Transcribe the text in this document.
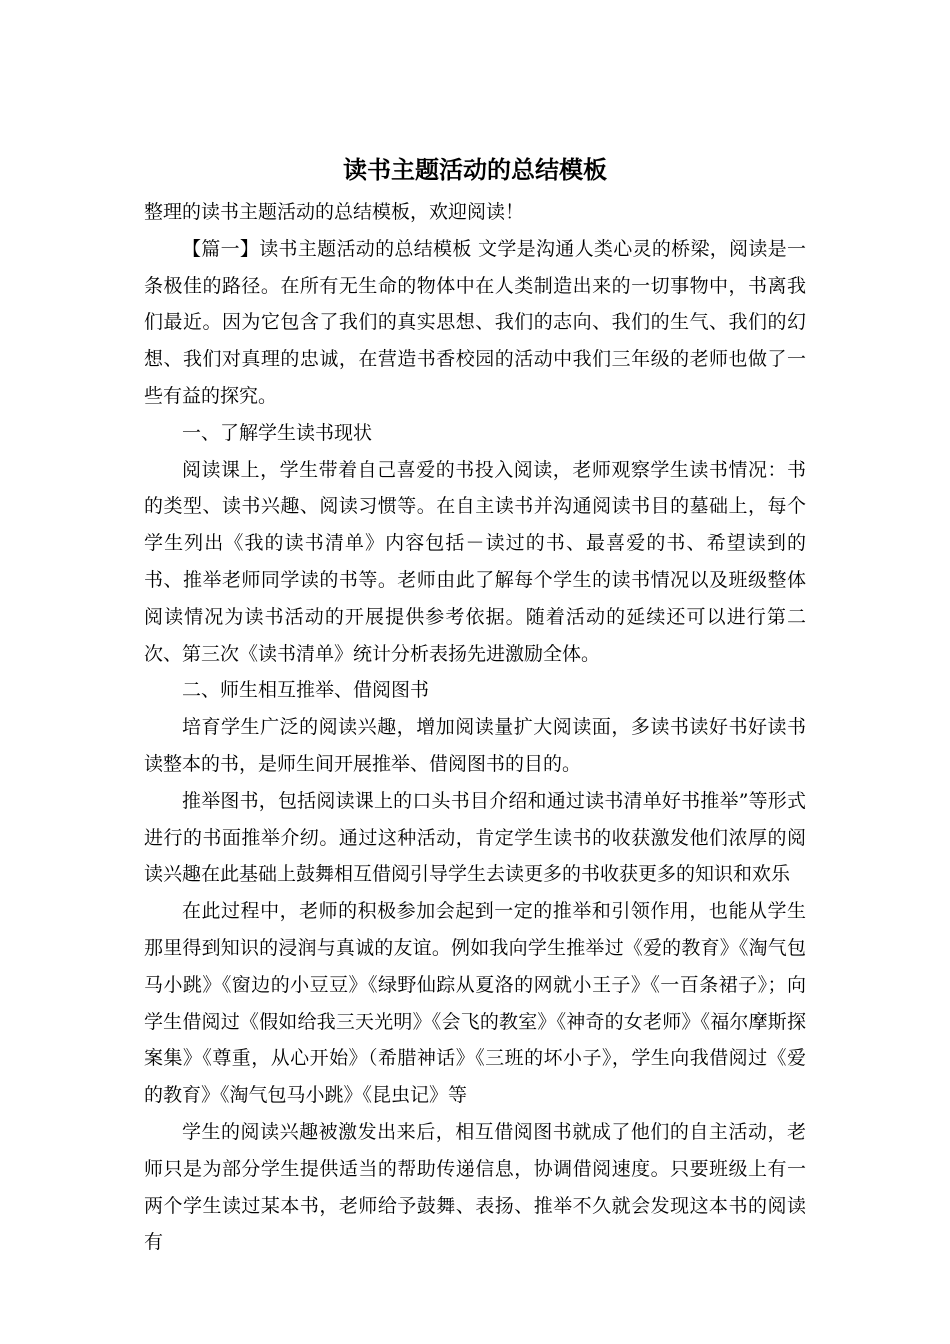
读书主题活动的总结模板

整理的读书主题活动的总结模板，欢迎阅读！

【篇一】读书主题活动的总结模板 文学是沟通人类心灵的桥梁，阅读是一条极佳的路径。在所有无生命的物体中在人类制造出来的一切事物中，书离我们最近。因为它包含了我们的真实思想、我们的志向、我们的生气、我们的幻想、我们对真理的忠诚，在营造书香校园的活动中我们三年级的老师也做了一些有益的探究。

一、了解学生读书现状

阅读课上，学生带着自己喜爱的书投入阅读，老师观察学生读书情况：书的类型、读书兴趣、阅读习惯等。在自主读书并沟通阅读书目的墓础上，每个学生列出《我的读书清单》内容包括－读过的书、最喜爱的书、希望读到的书、推举老师同学读的书等。老师由此了解每个学生的读书情况以及班级整体阅读情况为读书活动的开展提供参考依据。随着活动的延续还可以进行第二次、第三次《读书清单》统计分析表扬先进激励全体。

二、师生相互推举、借阅图书

培育学生广泛的阅读兴趣，增加阅读量扩大阅读面，多读书读好书好读书读整本的书，是师生间开展推举、借阅图书的目的。

推举图书，包括阅读课上的口头书目介绍和通过读书清单好书推举”等形式进行的书面推举介纫。通过这种活动，肯定学生读书的收获激发他们浓厚的阅读兴趣在此基础上鼓舞相互借阅引导学生去读更多的书收获更多的知识和欢乐

在此过程中，老师的积极参加会起到一定的推举和引领作用，也能从学生那里得到知识的浸润与真诚的友谊。例如我向学生推举过《爱的教育》《淘气包马小跳》《窗边的小豆豆》《绿野仙踪从夏洛的网就小王子》《一百条裙子》；向学生借阅过《假如给我三天光明》《会飞的教室》《神奇的女老师》《福尔摩斯探案集》《尊重，从心开始》（希腊神话》《三班的坏小子》，学生向我借阅过《爱的教育》《淘气包马小跳》《昆虫记》等

学生的阅读兴趣被激发出来后，相互借阅图书就成了他们的自主活动，老师只是为部分学生提供适当的帮助传递信息，协调借阅速度。只要班级上有一两个学生读过某本书，老师给予鼓舞、表扬、推举不久就会发现这本书的阅读有
